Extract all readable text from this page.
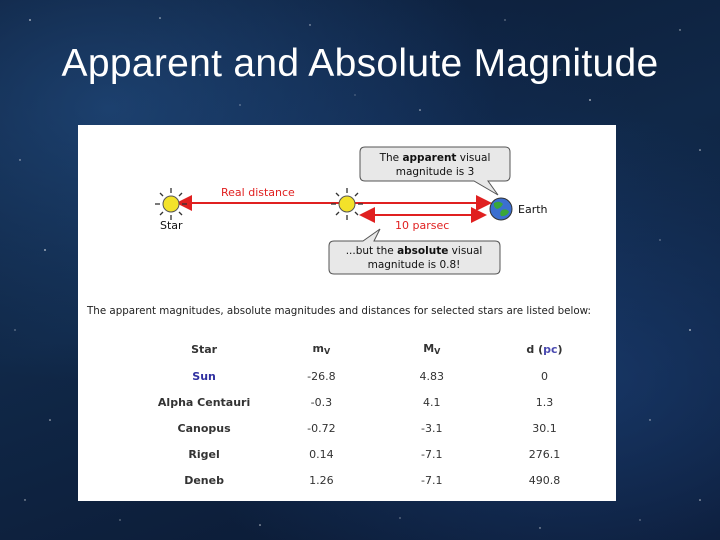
Apparent and Absolute Magnitude
The apparent visual
magnitude is 3
Real distance
10 parsec
Star
Earth
...but the absolute visual
magnitude is 0.8!
The apparent magnitudes, absolute magnitudes and distances for selected stars are listed below:
Star	$m_V$	$M_V$	d (pc)
Sun	-26.8	4.83	0
Alpha Centauri	-0.3	4.1	1.3
Canopus	-0.72	-3.1	30.1
Rigel	0.14	-7.1	276.1
Deneb	1.26	-7.1	490.8
